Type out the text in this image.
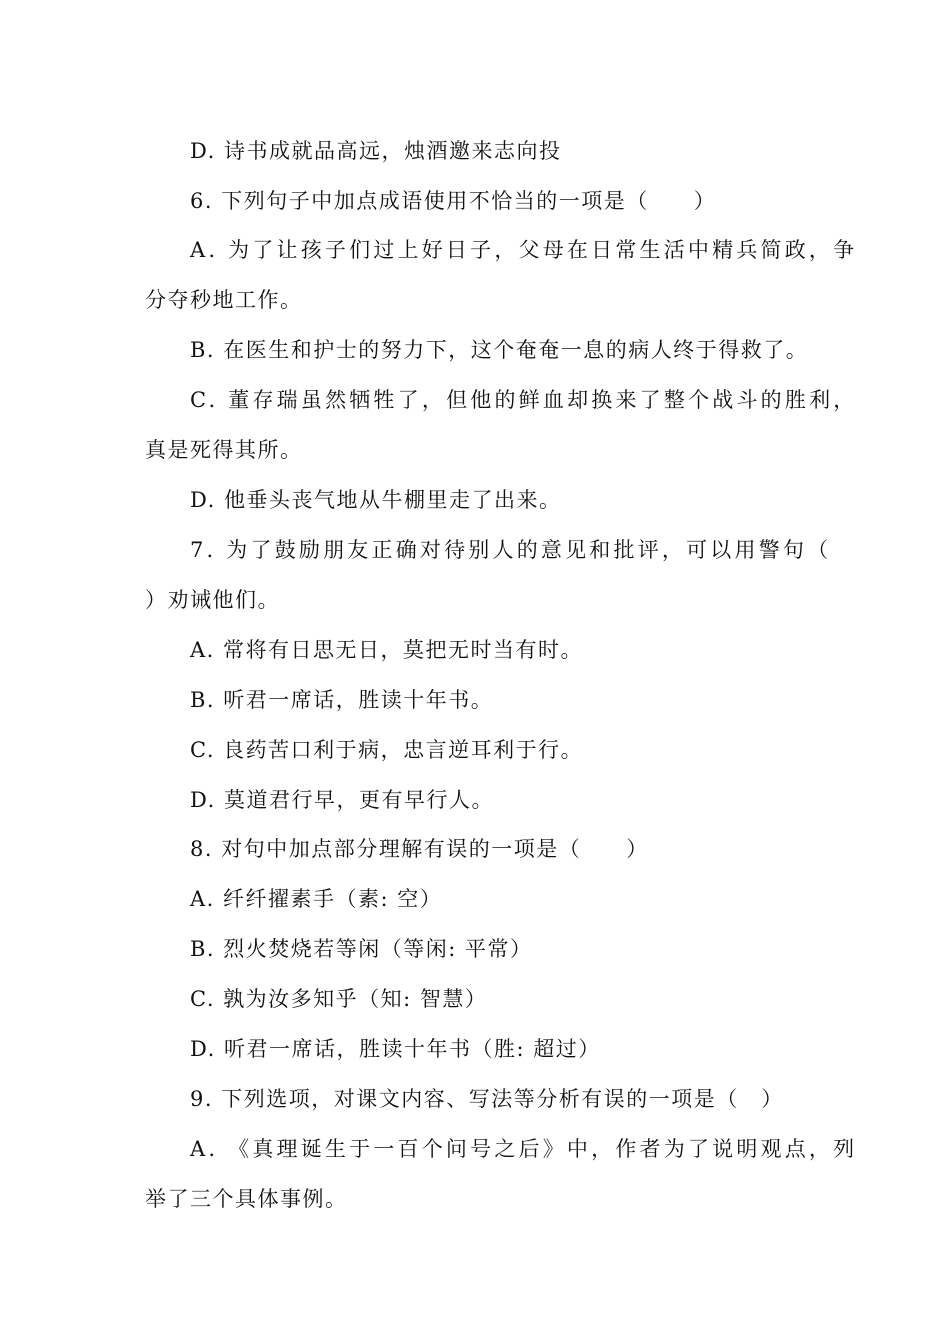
D. 诗书成就品高远，烛酒邀来志向投
6. 下列句子中加点成语使用不恰当的一项是（　　）
A. 为了让孩子们过上好日子，父母在日常生活中精兵简政，争
分夺秒地工作。
B. 在医生和护士的努力下，这个奄奄一息的病人终于得救了。
C. 董存瑞虽然牺牲了，但他的鲜血却换来了整个战斗的胜利，
真是死得其所。
D. 他垂头丧气地从牛棚里走了出来。
7. 为了鼓励朋友正确对待别人的意见和批评，可以用警句（
）劝诫他们。
A. 常将有日思无日，莫把无时当有时。
B. 听君一席话，胜读十年书。
C. 良药苦口利于病，忠言逆耳利于行。
D. 莫道君行早，更有早行人。
8. 对句中加点部分理解有误的一项是（　　）
A. 纤纤擢素手（素: 空）
B. 烈火焚烧若等闲（等闲: 平常）
C. 孰为汝多知乎（知: 智慧）
D. 听君一席话，胜读十年书（胜: 超过）
9. 下列选项，对课文内容、写法等分析有误的一项是（　）
A. 《真理诞生于一百个问号之后》中，作者为了说明观点，列
举了三个具体事例。
